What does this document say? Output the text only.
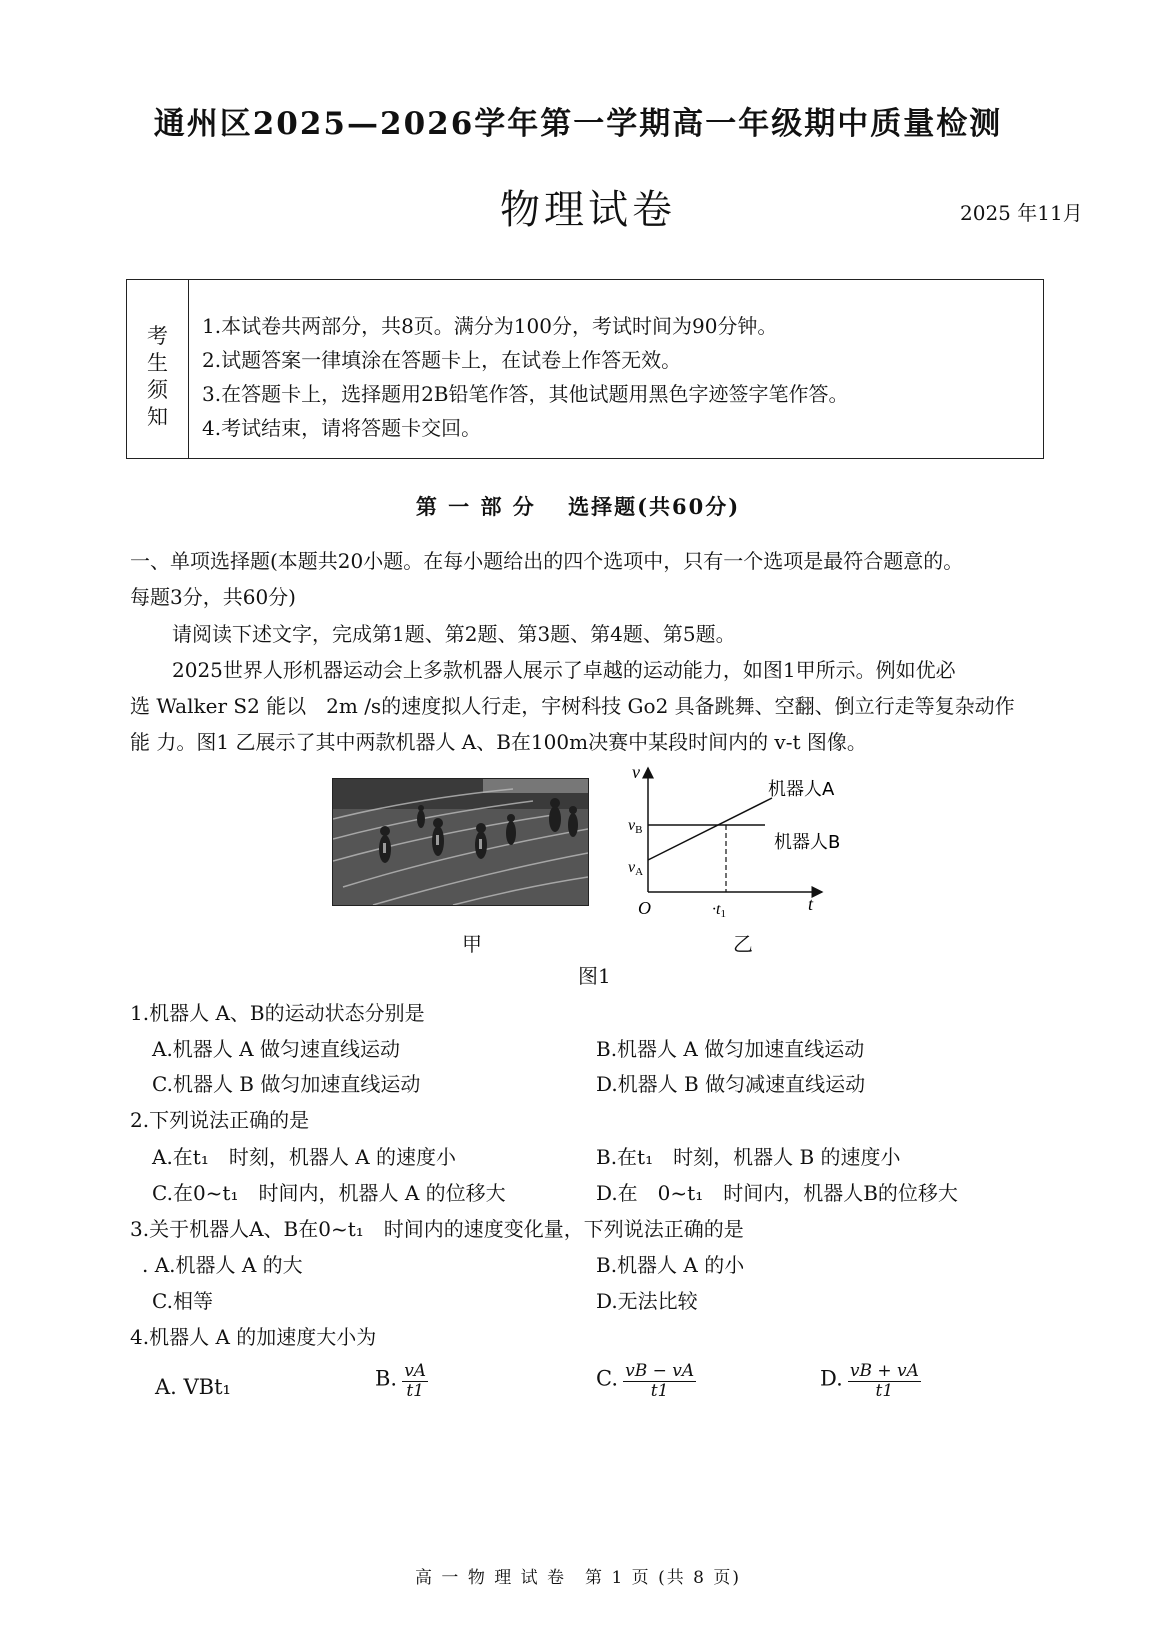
通州区2025—2026学年第一学期高一年级期中质量检测
物理试卷	2025 年11月
考
生
须
知
1.本试卷共两部分，共8页。满分为100分，考试时间为90分钟。
2.试题答案一律填涂在答题卡上，在试卷上作答无效。
3.在答题卡上，选择题用2B铅笔作答，其他试题用黑色字迹签字笔作答。
4.考试结束，请将答题卡交回。
第 一 部 分　 选择题(共60分)
一、单项选择题(本题共20小题。在每小题给出的四个选项中，只有一个选项是最符合题意的。
每题3分，共60分)
请阅读下述文字，完成第1题、第2题、第3题、第4题、第5题。
2025世界人形机器运动会上多款机器人展示了卓越的运动能力，如图1甲所示。例如优必
选 Walker S2 能以　2m /s的速度拟人行走，宇树科技 Go2 具备跳舞、空翻、倒立行走等复杂动作
能 力。图1 乙展示了其中两款机器人 A、B在100m决赛中某段时间内的 v-t 图像。
v
t
O
vB
vA
·t1
机器人A
机器人B
甲	乙
图1
1.机器人 A、B的运动状态分别是
A.机器人 A 做匀速直线运动	B.机器人 A 做匀加速直线运动
C.机器人 B 做匀加速直线运动	D.机器人 B 做匀减速直线运动
2.下列说法正确的是
A.在t₁　时刻，机器人 A 的速度小	B.在t₁　时刻，机器人 B 的速度小
C.在0~t₁　时间内，机器人 A 的位移大	D.在　0~t₁　时间内，机器人B的位移大
3.关于机器人A、B在0~t₁　时间内的速度变化量，下列说法正确的是
. A.机器人 A 的大	B.机器人 A 的小
C.相等	D.无法比较
4.机器人 A 的加速度大小为
A. VBt₁	B. $\frac{vA}{t1}$	C. $\frac{vB - vA}{t1}$	D. $\frac{vB + vA}{t1}$
高 一 物 理 试 卷　第 1 页 (共 8 页)
